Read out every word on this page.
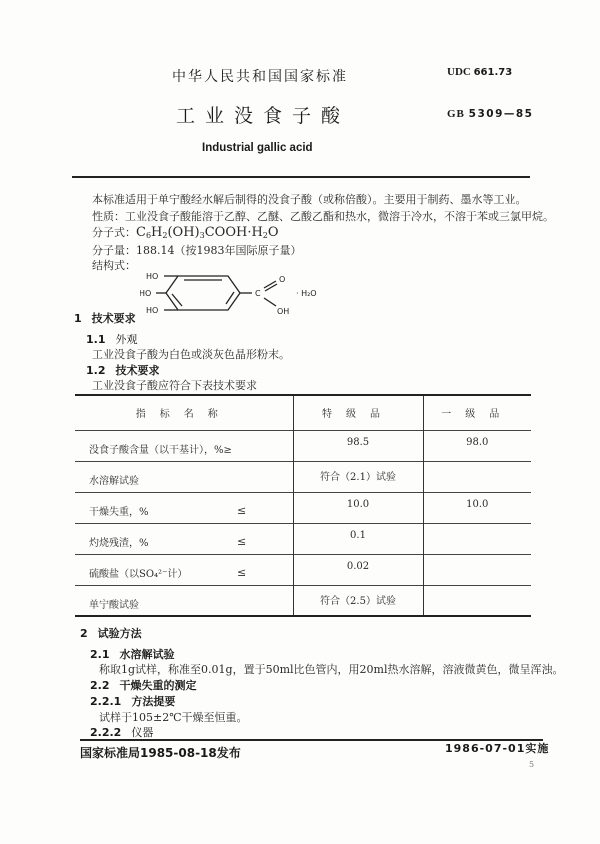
中华人民共和国国家标准	UDC 661.73
GB 5309—85
工业没食子酸
Industrial gallic acid
本标准适用于单宁酸经水解后制得的没食子酸（或称倍酸）。主要用于制药、墨水等工业。
性质：工业没食子酸能溶于乙醇、乙醚、乙酸乙酯和热水，微溶于冷水，不溶于苯或三氯甲烷。
分子式：$C_6H_2(OH)_3COOH\cdot H_2O$
分子量：188.14（按1983年国际原子量）
结构式：
HO
HO
HO
C
O
OH
· H₂O
1 技术要求
1.1 外观
工业没食子酸为白色或淡灰色晶形粉末。
1.2 技术要求
工业没食子酸应符合下表技术要求
指标名称	特级品	一级品
没食子酸含量（以干基计），%≥	98.5	98.0
水溶解试验	符合（2.1）试验	
干燥失重，% ≤	10.0	10.0
灼烧残渣，% ≤	0.1	
硫酸盐（以SO₄²⁻计） ≤	0.02	
单宁酸试验	符合（2.5）试验	
2 试验方法
2.1 水溶解试验
称取1g试样，称准至0.01g，置于50ml比色管内，用20ml热水溶解，溶液微黄色，微呈浑浊。
2.2 干燥失重的测定
2.2.1 方法提要
试样于105±2℃干燥至恒重。
2.2.2 仪器
国家标准局1985-08-18发布	1986-07-01实施
5
